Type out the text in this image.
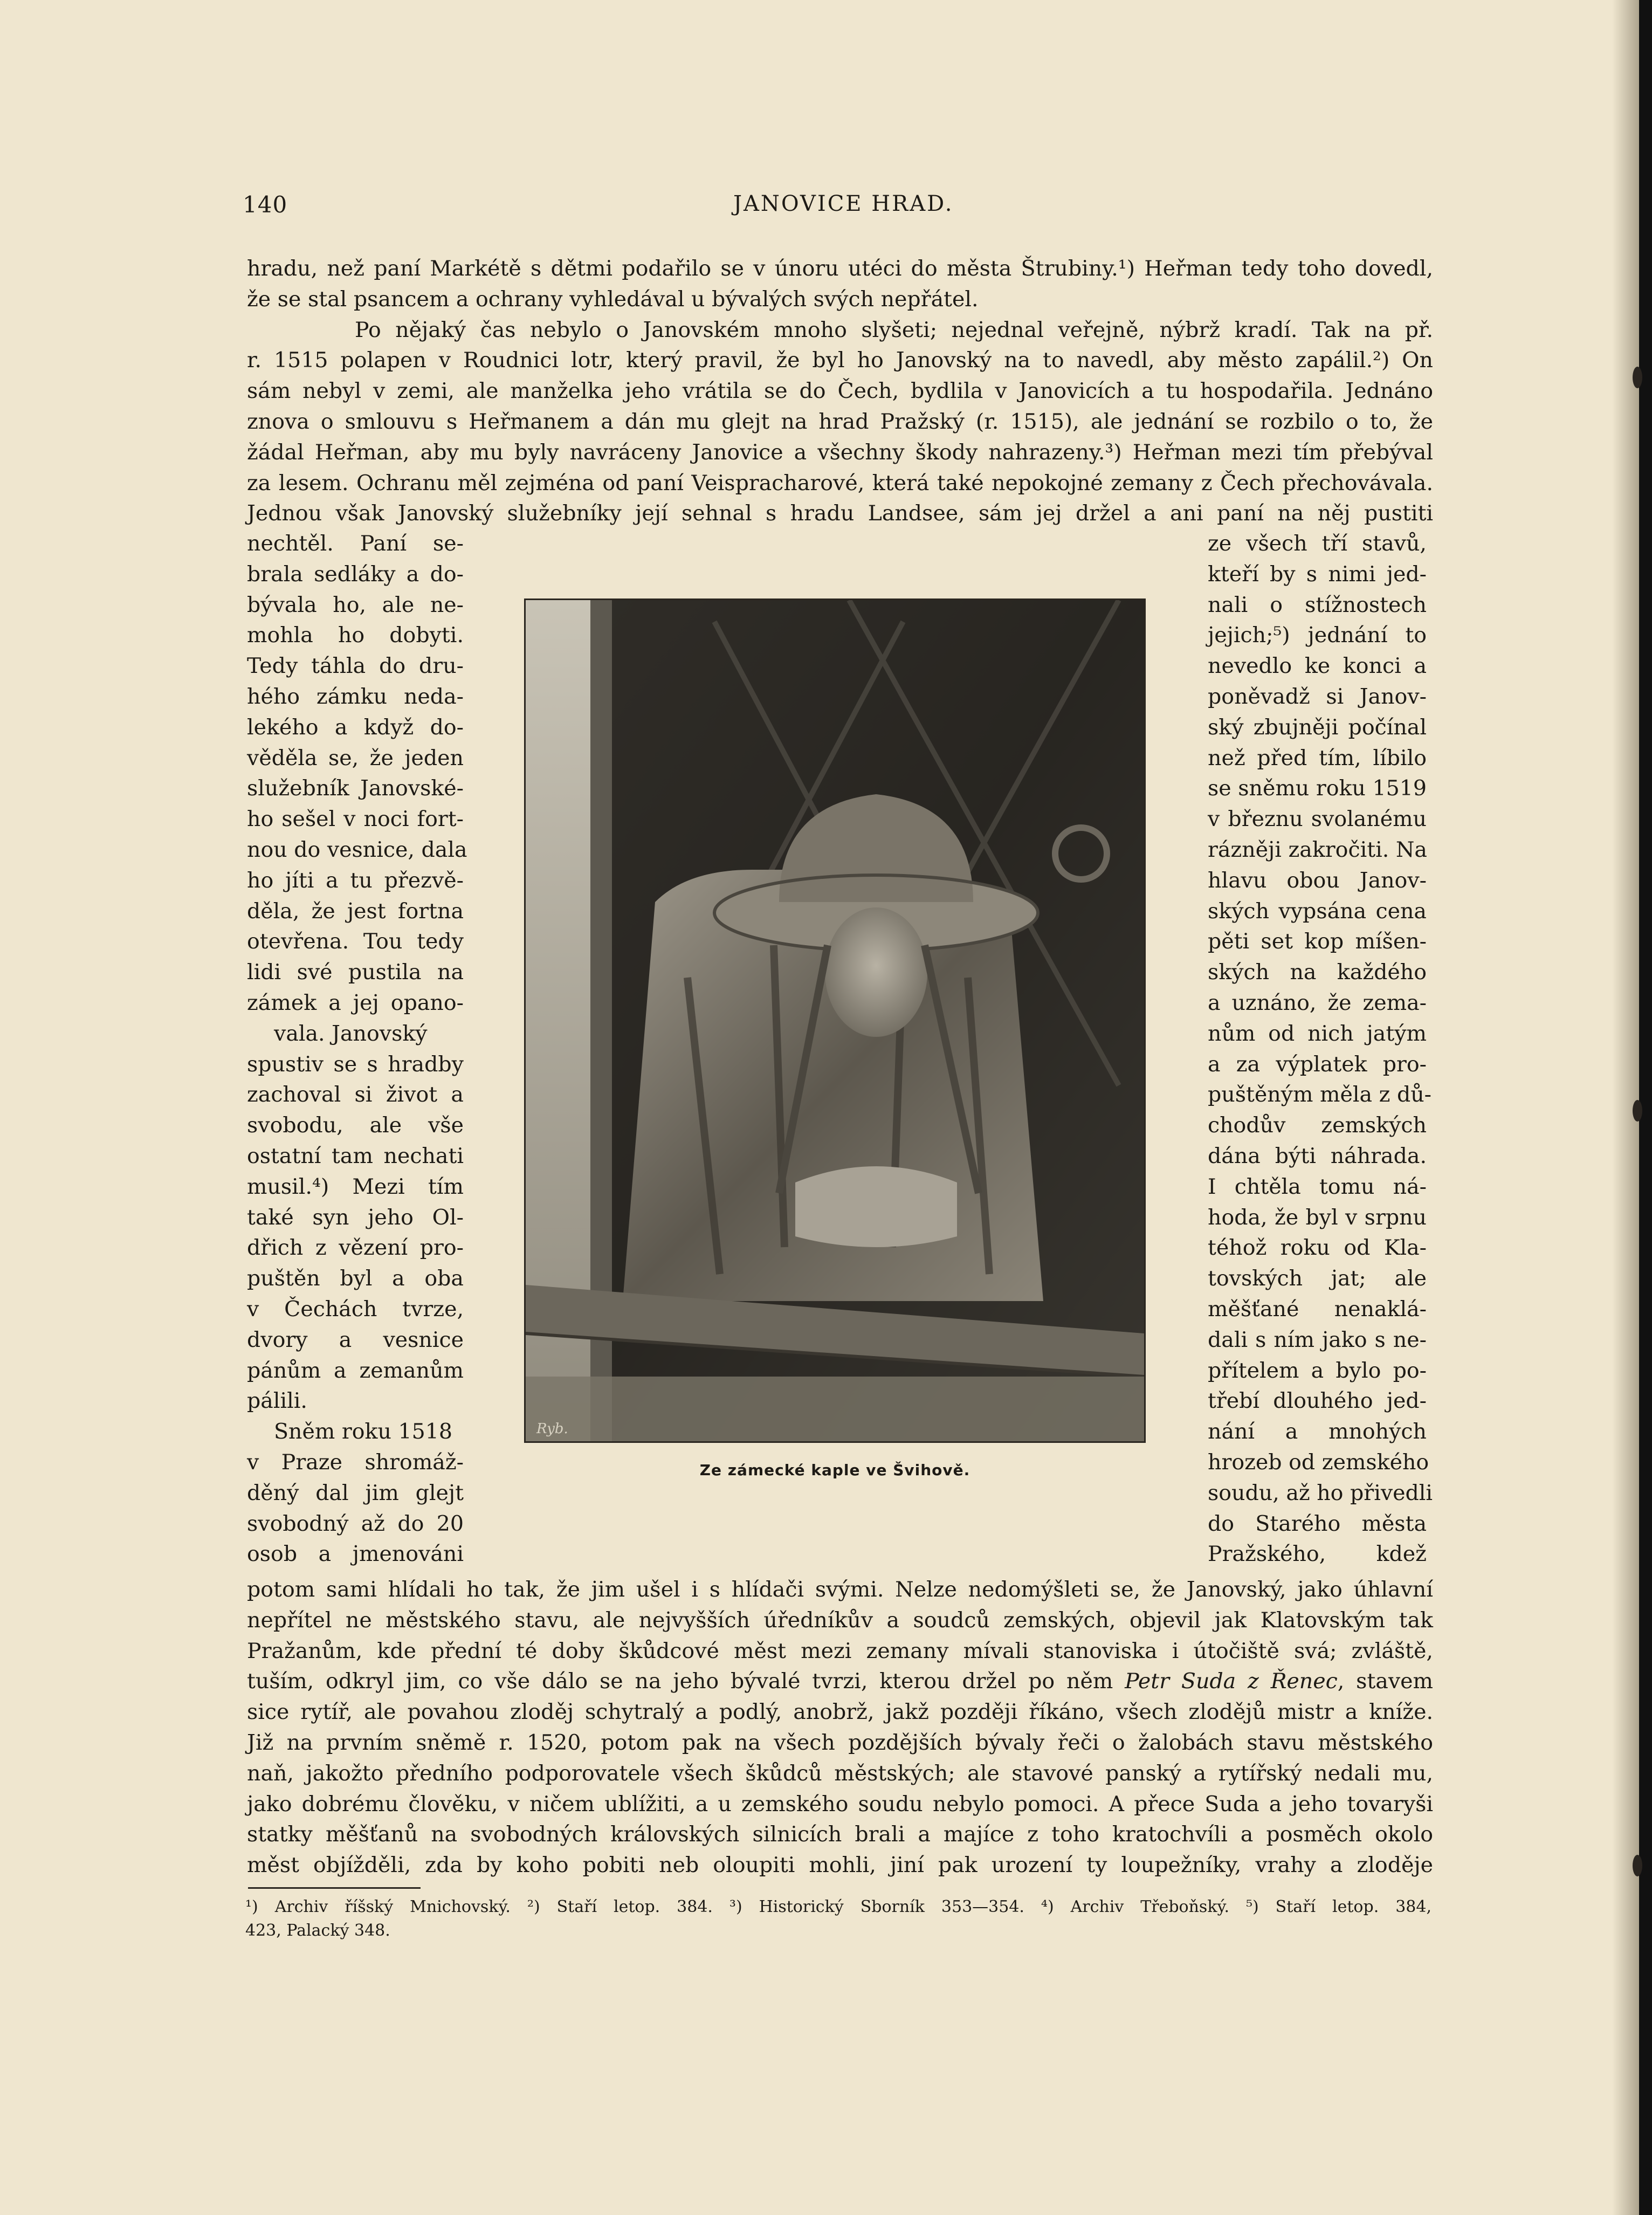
140	JANOVICE HRAD.
hradu, než paní Markétě s dětmi podařilo se v únoru utéci do města Štrubiny.¹) Heřman tedy toho dovedl,
že se stal psancem a ochrany vyhledával u bývalých svých nepřátel.
Po nějaký čas nebylo o Janovském mnoho slyšeti; nejednal veřejně, nýbrž kradí. Tak na př.
r. 1515 polapen v Roudnici lotr, který pravil, že byl ho Janovský na to navedl, aby město zapálil.²) On
sám nebyl v zemi, ale manželka jeho vrátila se do Čech, bydlila v Janovicích a tu hospodařila. Jednáno
znova o smlouvu s Heřmanem a dán mu glejt na hrad Pražský (r. 1515), ale jednání se rozbilo o to, že
žádal Heřman, aby mu byly navráceny Janovice a všechny škody nahrazeny.³) Heřman mezi tím přebýval
za lesem. Ochranu měl zejména od paní Veispracharové, která také nepokojné zemany z Čech přechovávala.
Jednou však Janovský služebníky její sehnal s hradu Landsee, sám jej držel a ani paní na něj pustiti
nechtěl. Paní se-
brala sedláky a do-
bývala ho, ale ne-
mohla ho dobyti.
Tedy táhla do dru-
hého zámku neda-
lekého a když do-
věděla se, že jeden
služebník Janovské-
ho sešel v noci fort-
nou do vesnice, dala
ho jíti a tu přezvě-
děla, že jest fortna
otevřena. Tou tedy
lidi své pustila na
zámek a jej opano-
vala. Janovský
spustiv se s hradby
zachoval si život a
svobodu, ale vše
ostatní tam nechati
musil.⁴) Mezi tím
také syn jeho Ol-
dřich z vězení pro-
puštěn byl a oba
v Čechách tvrze,
dvory a vesnice
pánům a zemanům
pálili.
Sněm roku 1518
v Praze shromáž-
děný dal jim glejt
svobodný až do 20
osob a jmenováni
ze všech tří stavů,
kteří by s nimi jed-
nali o stížnostech
jejich;⁵) jednání to
nevedlo ke konci a
poněvadž si Janov-
ský zbujněji počínal
než před tím, líbilo
se sněmu roku 1519
v březnu svolanému
rázněji zakročiti. Na
hlavu obou Janov-
ských vypsána cena
pěti set kop míšen-
ských na každého
a uznáno, že zema-
nům od nich jatým
a za výplatek pro-
puštěným měla z dů-
chodův zemských
dána býti náhrada.
I chtěla tomu ná-
hoda, že byl v srpnu
téhož roku od Kla-
tovských jat; ale
měšťané nenaklá-
dali s ním jako s ne-
přítelem a bylo po-
třebí dlouhého jed-
nání a mnohých
hrozeb od zemského
soudu, až ho přivedli
do Starého města
Pražského, kdež
Ryb.
Ze zámecké kaple ve Švihově.
potom sami hlídali ho tak, že jim ušel i s hlídači svými. Nelze nedomýšleti se, že Janovský, jako úhlavní
nepřítel ne městského stavu, ale nejvyšších úředníkův a soudců zemských, objevil jak Klatovským tak
Pražanům, kde přední té doby škůdcové měst mezi zemany mívali stanoviska i útočiště svá; zvláště,
tuším, odkryl jim, co vše dálo se na jeho bývalé tvrzi, kterou držel po něm Petr Suda z Řenec, stavem
sice rytíř, ale povahou zloděj schytralý a podlý, anobrž, jakž později říkáno, všech zlodějů mistr a kníže.
Již na prvním sněmě r. 1520, potom pak na všech pozdějších bývaly řeči o žalobách stavu městského
naň, jakožto předního podporovatele všech škůdců městských; ale stavové panský a rytířský nedali mu,
jako dobrému člověku, v ničem ublížiti, a u zemského soudu nebylo pomoci. A přece Suda a jeho tovaryši
statky měšťanů na svobodných královských silnicích brali a majíce z toho kratochvíli a posměch okolo
měst objížděli, zda by koho pobiti neb oloupiti mohli, jiní pak urození ty loupežníky, vrahy a zloděje
¹) Archiv říšský Mnichovský. ²) Staří letop. 384. ³) Historický Sborník 353—354. ⁴) Archiv Třeboňský. ⁵) Staří letop. 384,
423, Palacký 348.
